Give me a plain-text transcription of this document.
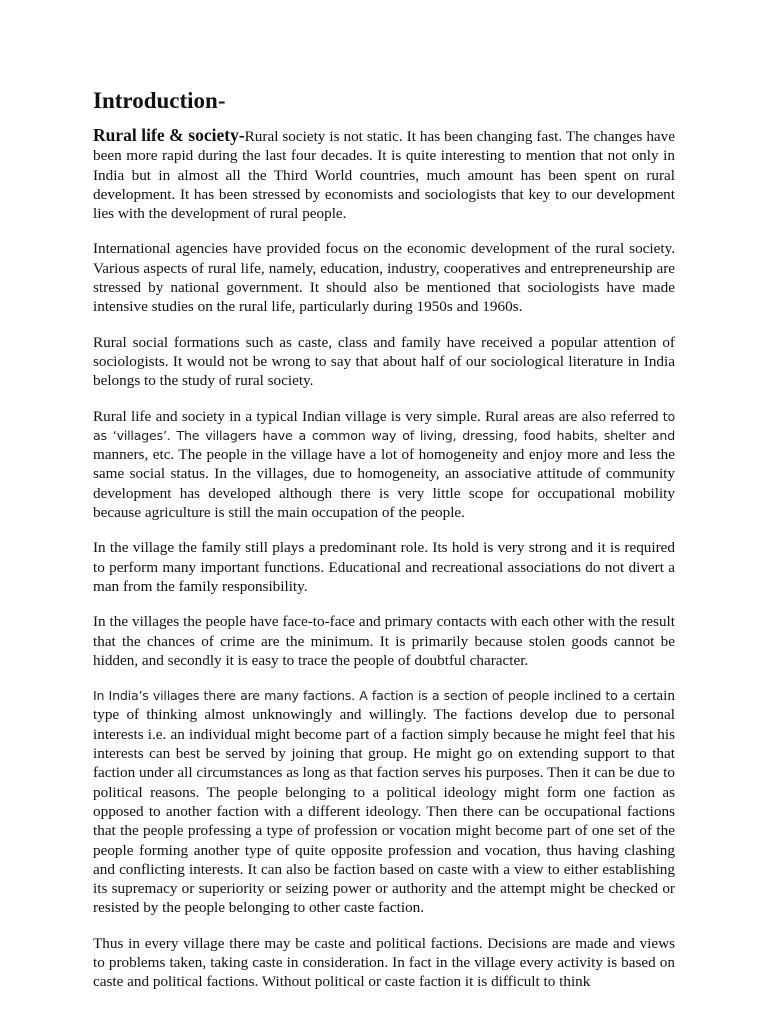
Introduction-

Rural life & society-Rural society is not static. It has been changing fast. The changes have been more rapid during the last four decades. It is quite interesting to mention that not only in India but in almost all the Third World countries, much amount has been spent on rural development. It has been stressed by economists and sociologists that key to our development lies with the development of rural people.

International agencies have provided focus on the economic development of the rural society. Various aspects of rural life, namely, education, industry, cooperatives and entrepreneurship are stressed by national government. It should also be mentioned that sociologists have made intensive studies on the rural life, particularly during 1950s and 1960s.

Rural social formations such as caste, class and family have received a popular attention of sociologists. It would not be wrong to say that about half of our sociological literature in India belongs to the study of rural society.

Rural life and society in a typical Indian village is very simple. Rural areas are also referred to as ‘villages’. The villagers have a common way of living, dressing, food habits, shelter and manners, etc. The people in the village have a lot of homogeneity and enjoy more and less the same social status. In the villages, due to homogeneity, an associative attitude of community development has developed although there is very little scope for occupational mobility because agriculture is still the main occupation of the people.

In the village the family still plays a predominant role. Its hold is very strong and it is required to perform many important functions. Educational and recreational associations do not divert a man from the family responsibility.

In the villages the people have face-to-face and primary contacts with each other with the result that the chances of crime are the minimum. It is primarily because stolen goods cannot be hidden, and secondly it is easy to trace the people of doubtful character.

In India’s villages there are many factions. A faction is a section of people inclined to a certain type of thinking almost unknowingly and willingly. The factions develop due to personal interests i.e. an individual might become part of a faction simply because he might feel that his interests can best be served by joining that group. He might go on extending support to that faction under all circumstances as long as that faction serves his purposes. Then it can be due to political reasons. The people belonging to a political ideology might form one faction as opposed to another faction with a different ideology. Then there can be occupational factions that the people professing a type of profession or vocation might become part of one set of the people forming another type of quite opposite profession and vocation, thus having clashing and conflicting interests. It can also be faction based on caste with a view to either establishing its supremacy or superiority or seizing power or authority and the attempt might be checked or resisted by the people belonging to other caste faction.

Thus in every village there may be caste and political factions. Decisions are made and views to problems taken, taking caste in consideration. In fact in the village every activity is based on caste and political factions. Without political or caste faction it is difficult to think
